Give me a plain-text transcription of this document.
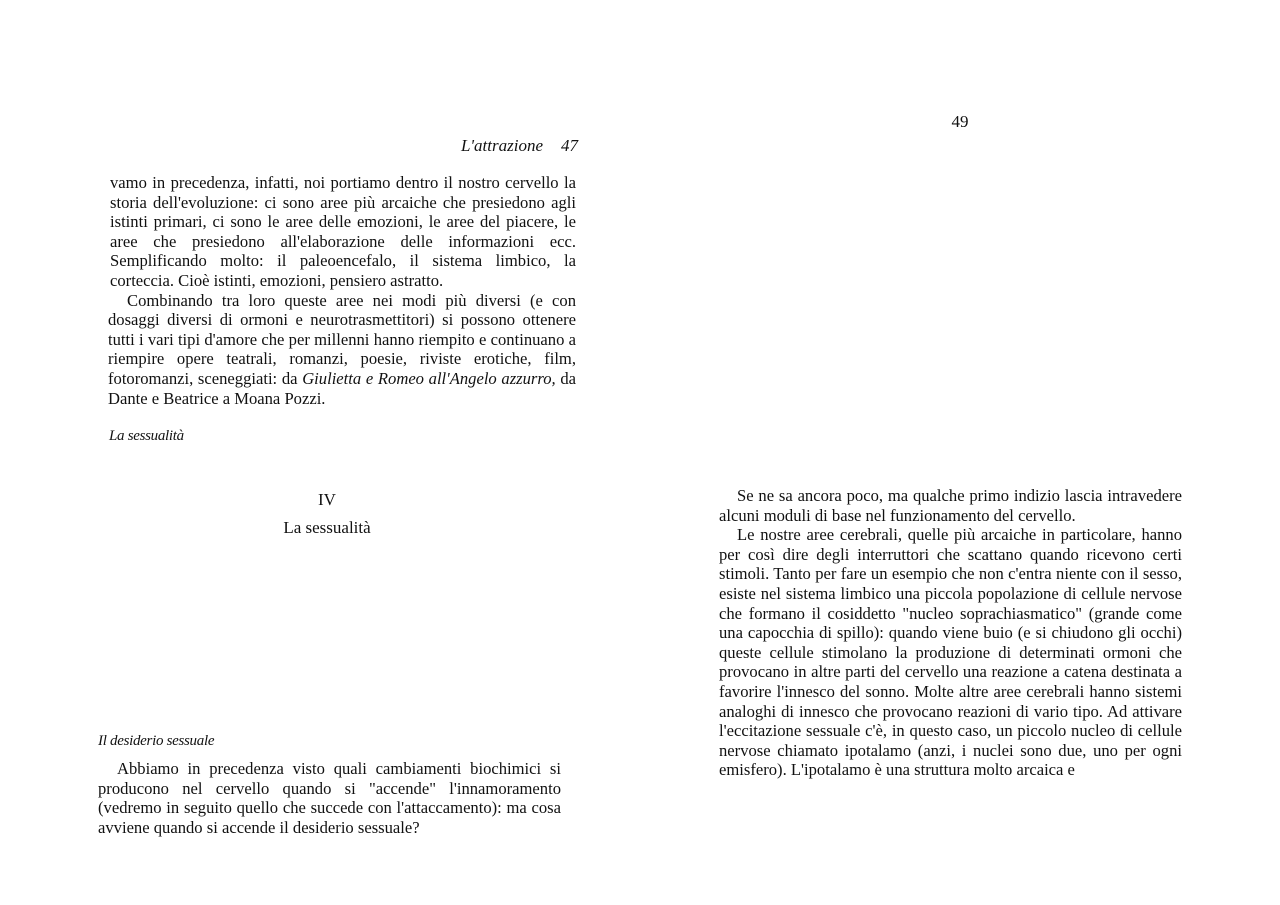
L'attrazione 47
49

vamo in precedenza, infatti, noi portiamo dentro il nostro cervello la storia dell'evoluzione: ci sono aree più arcaiche che presiedono agli istinti primari, ci sono le aree delle emozioni, le aree del piacere, le aree che presiedono all'elaborazione delle informazioni ecc. Semplificando molto: il paleoencefalo, il sistema limbico, la corteccia. Cioè istinti, emozioni, pensiero astratto.

Combinando tra loro queste aree nei modi più diversi (e con dosaggi diversi di ormoni e neurotrasmettitori) si possono ottenere tutti i vari tipi d'amore che per millenni hanno riempito e continuano a riempire opere teatrali, romanzi, poesie, riviste erotiche, film, fotoromanzi, sceneggiati: da Giulietta e Romeo all'Angelo azzurro, da Dante e Beatrice a Moana Pozzi.

La sessualità
IV
La sessualità
Il desiderio sessuale

Abbiamo in precedenza visto quali cambiamenti biochimici si producono nel cervello quando si "accende" l'innamoramento (vedremo in seguito quello che succede con l'attaccamento): ma cosa avviene quando si accende il desiderio sessuale?

Se ne sa ancora poco, ma qualche primo indizio lascia intravedere alcuni moduli di base nel funzionamento del cervello.

Le nostre aree cerebrali, quelle più arcaiche in particolare, hanno per così dire degli interruttori che scattano quando ricevono certi stimoli. Tanto per fare un esempio che non c'entra niente con il sesso, esiste nel sistema limbico una piccola popolazione di cellule nervose che formano il cosiddetto "nucleo soprachiasmatico" (grande come una capocchia di spillo): quando viene buio (e si chiudono gli occhi) queste cellule stimolano la produzione di determinati ormoni che provocano in altre parti del cervello una reazione a catena destinata a favorire l'innesco del sonno. Molte altre aree cerebrali hanno sistemi analoghi di innesco che provocano reazioni di vario tipo. Ad attivare l'eccitazione sessuale c'è, in questo caso, un piccolo nucleo di cellule nervose chiamato ipotalamo (anzi, i nuclei sono due, uno per ogni emisfero). L'ipotalamo è una struttura molto arcaica e
